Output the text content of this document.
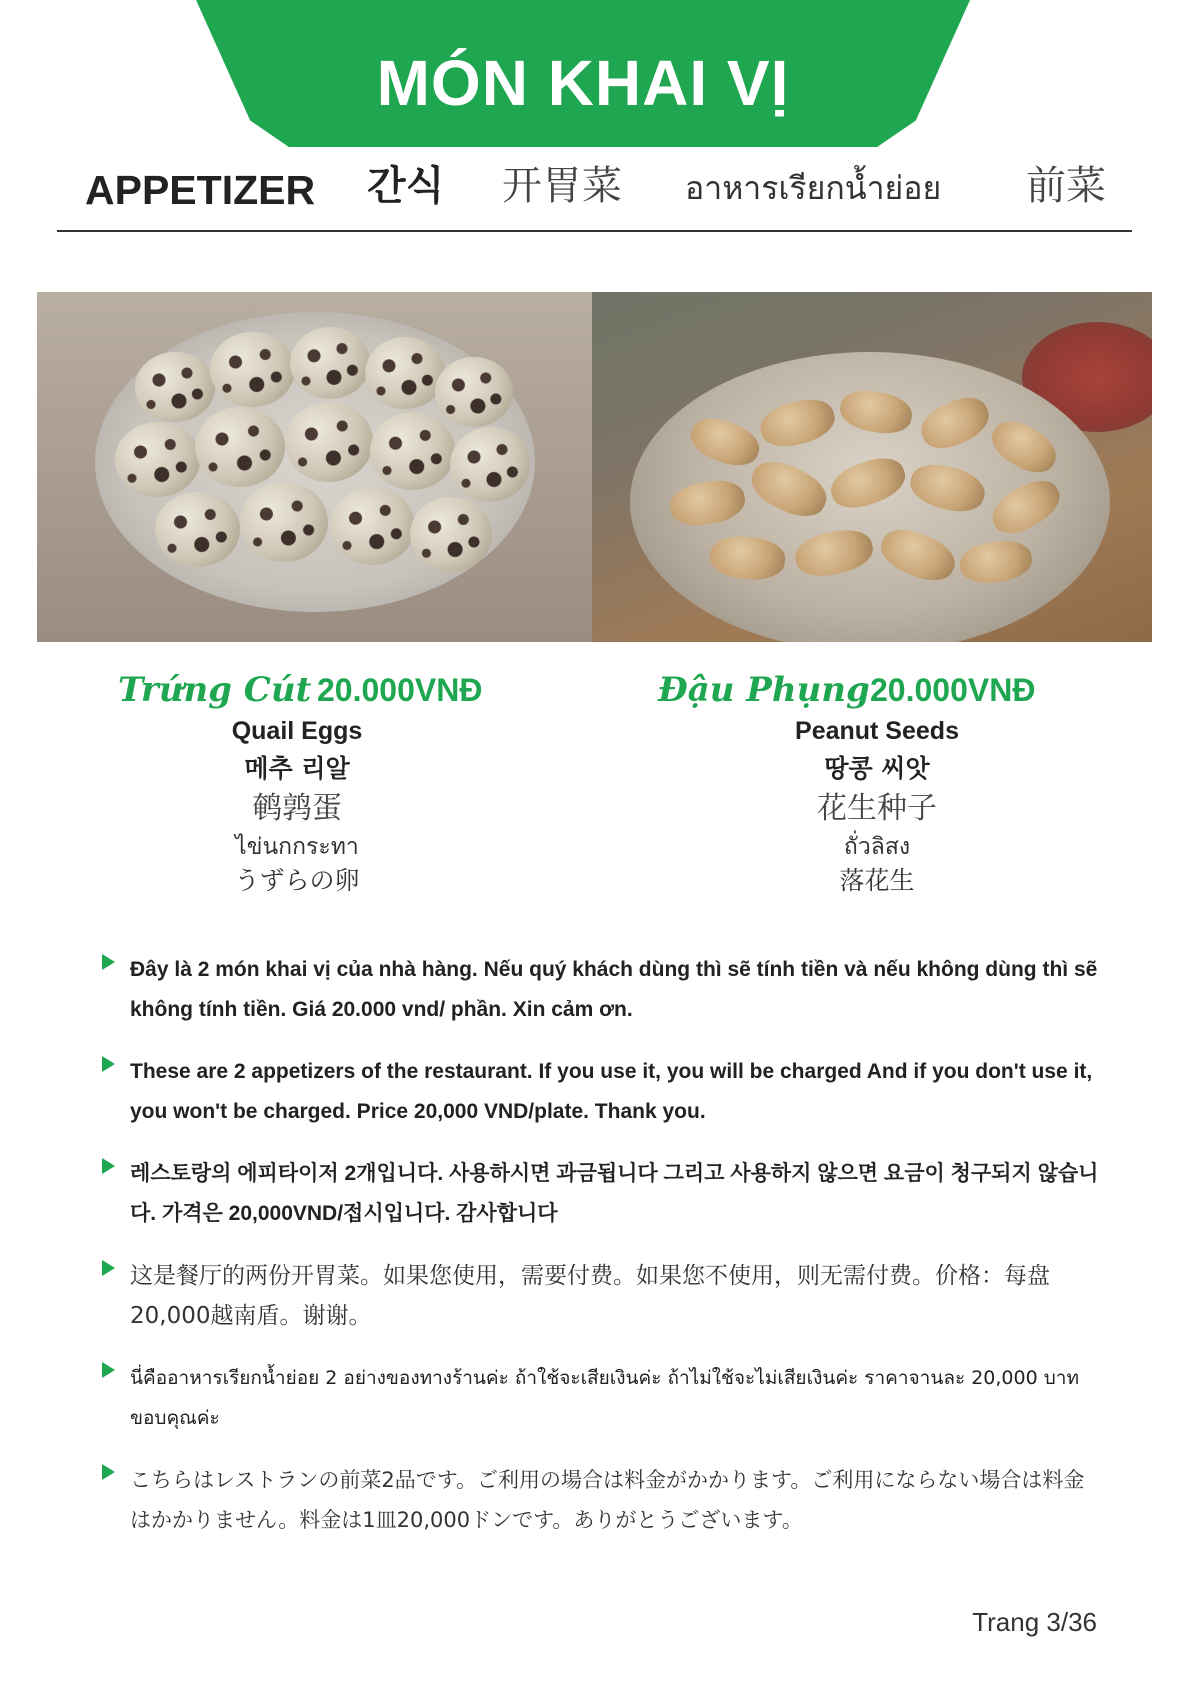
MÓN KHAI VỊ
APPETIZER 간식 开胃菜 อาหารเรียกน้ำย่อย 前菜
Trứng Cút 20.000VNĐ
Quail Eggs
메추 리알
鹌鹑蛋
ไข่นกกระทา
うずらの卵
Đậu Phụng 20.000VNĐ
Peanut Seeds
땅콩 씨앗
花生种子
ถั่วลิสง
落花生
Đây là 2 món khai vị của nhà hàng. Nếu quý khách dùng thì sẽ tính tiền và nếu không dùng thì sẽ không tính tiền. Giá 20.000 vnd/ phần. Xin cảm ơn.
These are 2 appetizers of the restaurant. If you use it, you will be charged And if you don't use it, you won't be charged. Price 20,000 VND/plate. Thank you.
레스토랑의 에피타이저 2개입니다. 사용하시면 과금됩니다 그리고 사용하지 않으면 요금이 청구되지 않습니다. 가격은 20,000VND/접시입니다. 감사합니다
这是餐厅的两份开胃菜。如果您使用，需要付费。如果您不使用，则无需付费。价格：每盘20,000越南盾。谢谢。
นี่คืออาหารเรียกน้ำย่อย 2 อย่างของทางร้านค่ะ ถ้าใช้จะเสียเงินค่ะ ถ้าไม่ใช้จะไม่เสียเงินค่ะ ราคาจานละ 20,000 บาท ขอบคุณค่ะ
こちらはレストランの前菜2品です。ご利用の場合は料金がかかります。ご利用にならない場合は料金はかかりません。料金は1皿20,000ドンです。ありがとうございます。
Trang 3/36
